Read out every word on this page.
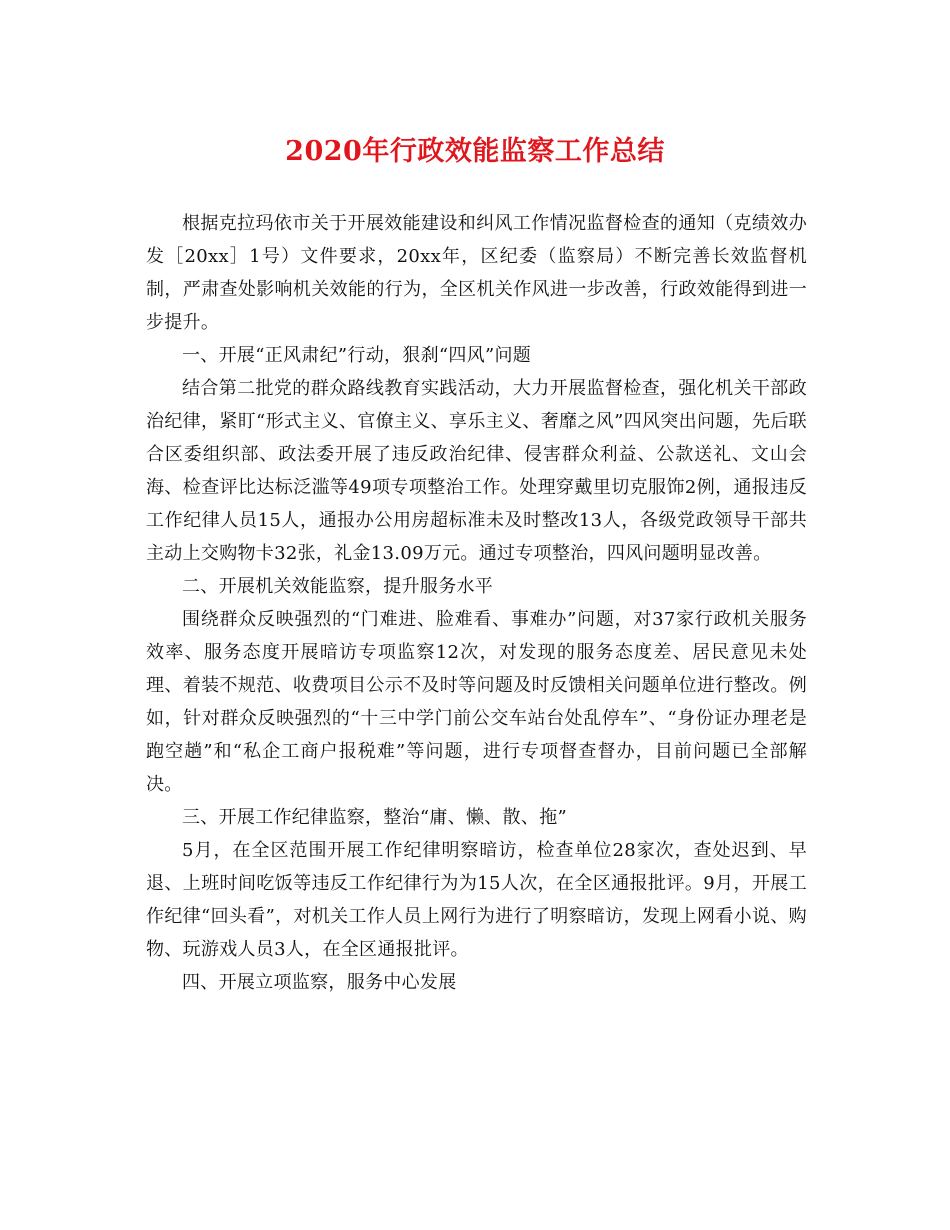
2020年行政效能监察工作总结

根据克拉玛依市关于开展效能建设和纠风工作情况监督检查的通知（克绩效办发［20xx］1号）文件要求，20xx年，区纪委（监察局）不断完善长效监督机制，严肃查处影响机关效能的行为，全区机关作风进一步改善，行政效能得到进一步提升。

一、开展“正风肃纪”行动，狠刹“四风”问题

结合第二批党的群众路线教育实践活动，大力开展监督检查，强化机关干部政治纪律，紧盯“形式主义、官僚主义、享乐主义、奢靡之风”四风突出问题，先后联合区委组织部、政法委开展了违反政治纪律、侵害群众利益、公款送礼、文山会海、检查评比达标泛滥等49项专项整治工作。处理穿戴里切克服饰2例，通报违反工作纪律人员15人，通报办公用房超标准未及时整改13人，各级党政领导干部共主动上交购物卡32张，礼金13.09万元。通过专项整治，四风问题明显改善。

二、开展机关效能监察，提升服务水平

围绕群众反映强烈的“门难进、脸难看、事难办”问题，对37家行政机关服务效率、服务态度开展暗访专项监察12次，对发现的服务态度差、居民意见未处理、着装不规范、收费项目公示不及时等问题及时反馈相关问题单位进行整改。例如，针对群众反映强烈的“十三中学门前公交车站台处乱停车”、“身份证办理老是跑空趟”和“私企工商户报税难”等问题，进行专项督查督办，目前问题已全部解决。

三、开展工作纪律监察，整治“庸、懒、散、拖”

5月，在全区范围开展工作纪律明察暗访，检查单位28家次，查处迟到、早退、上班时间吃饭等违反工作纪律行为为15人次，在全区通报批评。9月，开展工作纪律“回头看”，对机关工作人员上网行为进行了明察暗访，发现上网看小说、购物、玩游戏人员3人，在全区通报批评。

四、开展立项监察，服务中心发展
